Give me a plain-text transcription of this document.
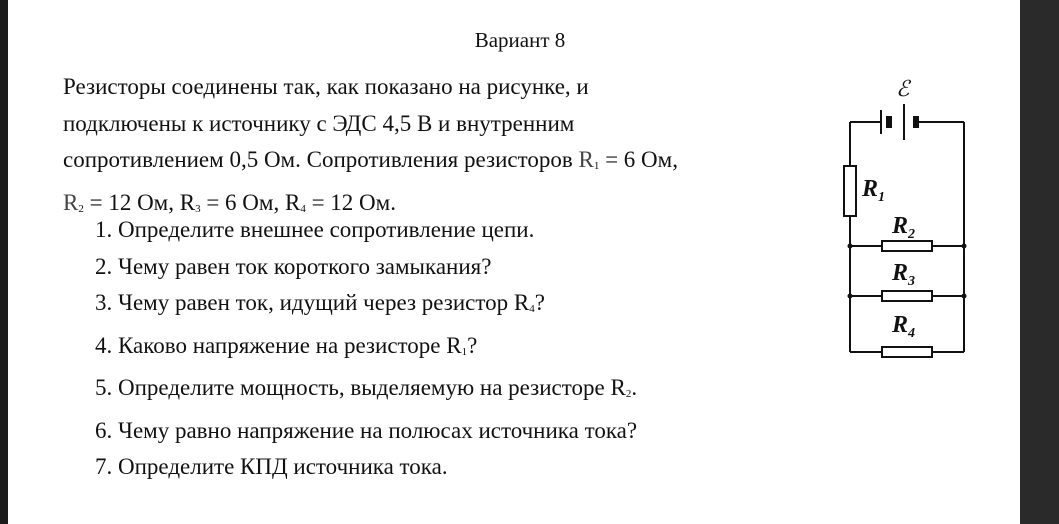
Вариант 8
Резисторы соединены так, как показано на рисунке, и
подключены к источнику с ЭДС 4,5 В и внутренним
сопротивлением 0,5 Ом. Сопротивления резисторов $R_1 = 6$ Ом,
$R_2 = 12$ Ом, $R_3 = 6$ Ом, $R_4 = 12$ Ом.
1. Определите внешнее сопротивление цепи.
2. Чему равен ток короткого замыкания?
3. Чему равен ток, идущий через резистор $R_4$?
4. Каково напряжение на резисторе $R_1$?
5. Определите мощность, выделяемую на резисторе $R_2$.
6. Чему равно напряжение на полюсах источника тока?
7. Определите КПД источника тока.
ℰ
$R_1$
$R_2$
$R_3$
$R_4$
